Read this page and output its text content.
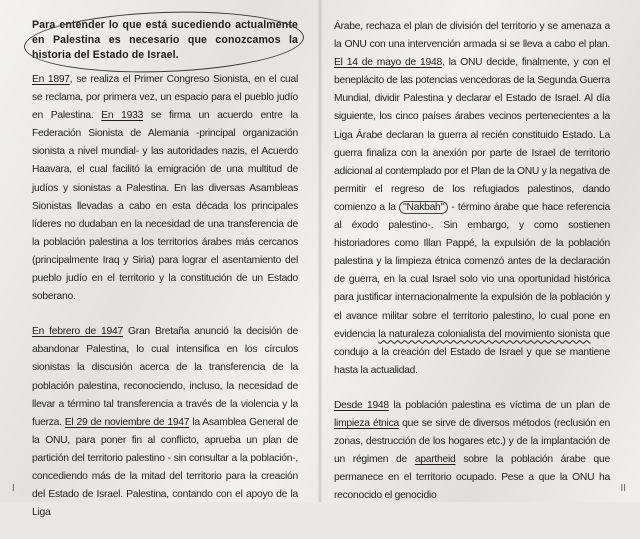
Para entender lo que está sucediendo actualmente en Palestina es necesario que conozcamos la historia del Estado de Israel.

En 1897, se realiza el Primer Congreso Sionista, en el cual se reclama, por primera vez, un espacio para el pueblo judío en Palestina. En 1933 se firma un acuerdo entre la Federación Sionista de Alemania -principal organización sionista a nivel mundial- y las autoridades nazis, el Acuerdo Haavara, el cual facilitó la emigración de una multitud de judíos y sionistas a Palestina. En las diversas Asambleas Sionistas llevadas a cabo en esta década los principales líderes no dudaban en la necesidad de una transferencia de la población palestina a los territorios árabes más cercanos (principalmente Iraq y Siria) para lograr el asentamiento del pueblo judío en el territorio y la constitución de un Estado soberano.

En febrero de 1947 Gran Bretaña anunció la decisión de abandonar Palestina, lo cual intensifica en los círculos sionistas la discusión acerca de la transferencia de la población palestina, reconociendo, incluso, la necesidad de llevar a término tal transferencia a través de la violencia y la fuerza. El 29 de noviembre de 1947 la Asamblea General de la ONU, para poner fin al conflicto, aprueba un plan de partición del territorio palestino - sin consultar a la población-, concediendo más de la mitad del territorio para la creación del Estado de Israel. Palestina, contando con el apoyo de la Liga

Árabe, rechaza el plan de división del territorio y se amenaza a la ONU con una intervención armada si se lleva a cabo el plan. El 14 de mayo de 1948, la ONU decide, finalmente, y con el beneplácito de las potencias vencedoras de la Segunda Guerra Mundial, dividir Palestina y declarar el Estado de Israel. Al día siguiente, los cinco países árabes vecinos pertenecientes a la Liga Árabe declaran la guerra al recién constituido Estado. La guerra finaliza con la anexión por parte de Israel de territorio adicional al contemplado por el Plan de la ONU y la negativa de permitir el regreso de los refugiados palestinos, dando comienzo a la "Nakbah" - término árabe que hace referencia al éxodo palestino-. Sin embargo, y como sostienen historiadores como Illan Pappé, la expulsión de la población palestina y la limpieza étnica comenzó antes de la declaración de guerra, en la cual Israel solo vio una oportunidad histórica para justificar internacionalmente la expulsión de la población y el avance militar sobre el territorio palestino, lo cual pone en evidencia la naturaleza colonialista del movimiento sionista que condujo a la creación del Estado de Israel y que se mantiene hasta la actualidad.

Desde 1948 la población palestina es víctima de un plan de limpieza étnica que se sirve de diversos métodos (reclusión en zonas, destrucción de los hogares etc.) y de la implantación de un régimen de apartheid sobre la población árabe que permanece en el territorio ocupado. Pese a que la ONU ha reconocido el genocidio

I	II
